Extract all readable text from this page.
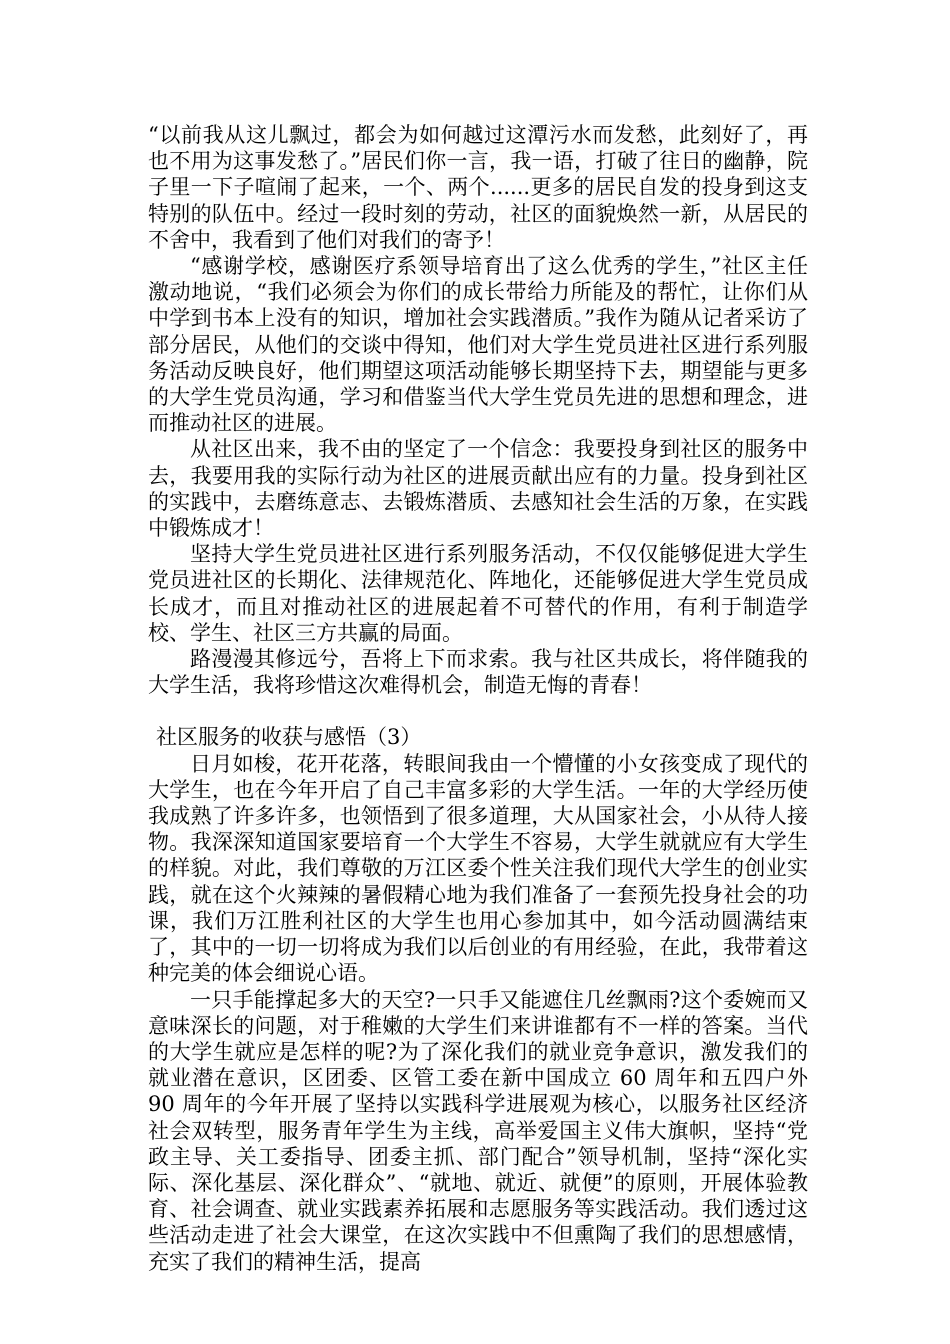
“以前我从这儿飘过，都会为如何越过这潭污水而发愁，此刻好了，再也不用为这事发愁了。”居民们你一言，我一语，打破了往日的幽静，院子里一下子喧闹了起来，一个、两个......更多的居民自发的投身到这支特别的队伍中。经过一段时刻的劳动，社区的面貌焕然一新，从居民的不舍中，我看到了他们对我们的寄予！

“感谢学校，感谢医疗系领导培育出了这么优秀的学生，”社区主任激动地说，“我们必须会为你们的成长带给力所能及的帮忙，让你们从中学到书本上没有的知识，增加社会实践潜质。”我作为随从记者采访了部分居民，从他们的交谈中得知，他们对大学生党员进社区进行系列服务活动反映良好，他们期望这项活动能够长期坚持下去，期望能与更多的大学生党员沟通，学习和借鉴当代大学生党员先进的思想和理念，进而推动社区的进展。

从社区出来，我不由的坚定了一个信念：我要投身到社区的服务中去，我要用我的实际行动为社区的进展贡献出应有的力量。投身到社区的实践中，去磨练意志、去锻炼潜质、去感知社会生活的万象，在实践中锻炼成才！

坚持大学生党员进社区进行系列服务活动，不仅仅能够促进大学生党员进社区的长期化、法律规范化、阵地化，还能够促进大学生党员成长成才，而且对推动社区的进展起着不可替代的作用，有利于制造学校、学生、社区三方共赢的局面。

路漫漫其修远兮，吾将上下而求索。我与社区共成长，将伴随我的大学生活，我将珍惜这次难得机会，制造无悔的青春！

社区服务的收获与感悟（3）

日月如梭，花开花落，转眼间我由一个懵懂的小女孩变成了现代的大学生，也在今年开启了自己丰富多彩的大学生活。一年的大学经历使我成熟了许多许多，也领悟到了很多道理，大从国家社会，小从待人接物。我深深知道国家要培育一个大学生不容易，大学生就就应有大学生的样貌。对此，我们尊敬的万江区委个性关注我们现代大学生的创业实践，就在这个火辣辣的暑假精心地为我们准备了一套预先投身社会的功课，我们万江胜利社区的大学生也用心参加其中，如今活动圆满结束了，其中的一切一切将成为我们以后创业的有用经验，在此，我带着这种完美的体会细说心语。

一只手能撑起多大的天空?一只手又能遮住几丝飘雨?这个委婉而又意味深长的问题，对于稚嫩的大学生们来讲谁都有不一样的答案。当代的大学生就应是怎样的呢?为了深化我们的就业竞争意识，激发我们的就业潜在意识，区团委、区管工委在新中国成立 60 周年和五四户外 90 周年的今年开展了坚持以实践科学进展观为核心，以服务社区经济社会双转型，服务青年学生为主线，高举爱国主义伟大旗帜，坚持“党政主导、关工委指导、团委主抓、部门配合”领导机制，坚持“深化实际、深化基层、深化群众”、“就地、就近、就便”的原则，开展体验教育、社会调查、就业实践素养拓展和志愿服务等实践活动。我们透过这些活动走进了社会大课堂，在这次实践中不但熏陶了我们的思想感情，充实了我们的精神生活，提高
